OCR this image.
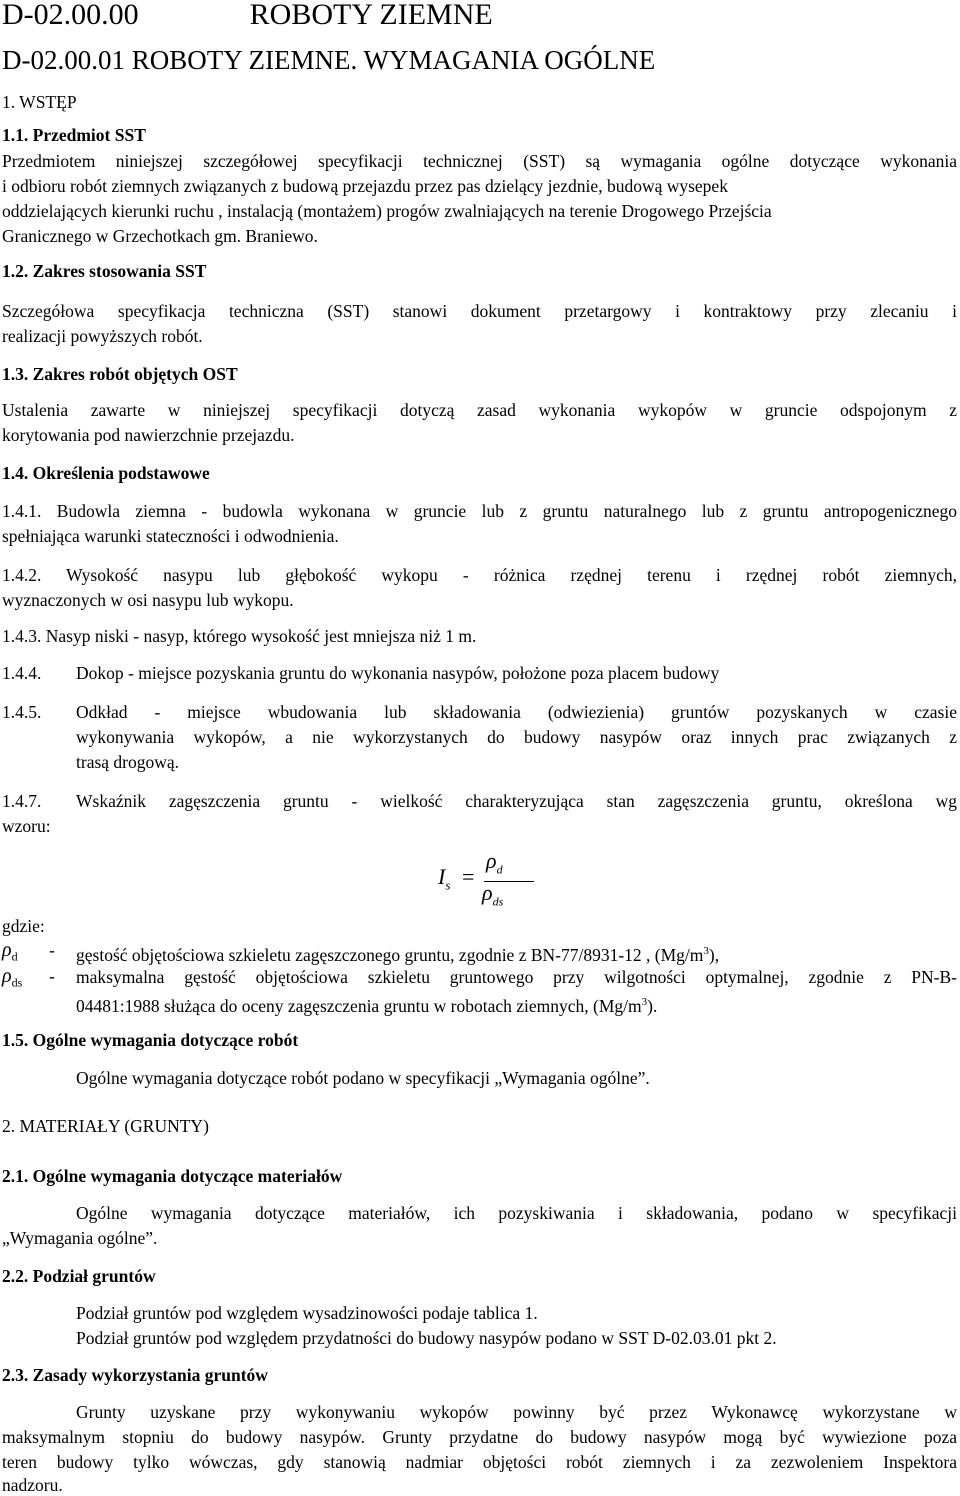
D-02.00.00	ROBOTY ZIEMNE
D-02.00.01 ROBOTY ZIEMNE. WYMAGANIA OGÓLNE
1. WSTĘP
1.1. Przedmiot SST
Przedmiotem niniejszej szczegółowej specyfikacji technicznej (SST) są wymagania ogólne dotyczące wykonania
i odbioru robót ziemnych związanych z budową przejazdu przez pas dzielący jezdnie, budową wysepek
oddzielających kierunki ruchu , instalacją (montażem) progów zwalniających na terenie Drogowego Przejścia
Granicznego w Grzechotkach gm. Braniewo.
1.2. Zakres stosowania SST
Szczegółowa specyfikacja techniczna (SST) stanowi dokument przetargowy i kontraktowy przy zlecaniu i
realizacji powyższych robót.
1.3. Zakres robót objętych OST
Ustalenia zawarte w niniejszej specyfikacji dotyczą zasad wykonania wykopów w gruncie odspojonym z
korytowania pod nawierzchnie przejazdu.
1.4. Określenia podstawowe
1.4.1. Budowla ziemna - budowla wykonana w gruncie lub z gruntu naturalnego lub z gruntu antropogenicznego
spełniająca warunki stateczności i odwodnienia.
1.4.2. Wysokość nasypu lub głębokość wykopu - różnica rzędnej terenu i rzędnej robót ziemnych,
wyznaczonych w osi nasypu lub wykopu.
1.4.3. Nasyp niski - nasyp, którego wysokość jest mniejsza niż 1 m.
1.4.4. Dokop - miejsce pozyskania gruntu do wykonania nasypów, położone poza placem budowy
1.4.5. Odkład - miejsce wbudowania lub składowania (odwiezienia) gruntów pozyskanych w czasie
wykonywania wykopów, a nie wykorzystanych do budowy nasypów oraz innych prac związanych z
trasą drogową.
1.4.7. Wskaźnik zagęszczenia gruntu - wielkość charakteryzująca stan zagęszczenia gruntu, określona wg
wzoru:
$I_s$ =
$\rho_d$
$\rho_{ds}$
gdzie:
$\rho_d$ - gęstość objętościowa szkieletu zagęszczonego gruntu, zgodnie z BN-77/8931-12 , $(Mg/m^3)$,
$\rho_{ds}$ - maksymalna gęstość objętościowa szkieletu gruntowego przy wilgotności optymalnej, zgodnie z PN-B-
04481:1988 służąca do oceny zagęszczenia gruntu w robotach ziemnych, $(Mg/m^3)$.
1.5. Ogólne wymagania dotyczące robót
Ogólne wymagania dotyczące robót podano w specyfikacji „Wymagania ogólne”.
2. MATERIAŁY (GRUNTY)
2.1. Ogólne wymagania dotyczące materiałów
Ogólne wymagania dotyczące materiałów, ich pozyskiwania i składowania, podano w specyfikacji
„Wymagania ogólne”.
2.2. Podział gruntów
Podział gruntów pod względem wysadzinowości podaje tablica 1.
Podział gruntów pod względem przydatności do budowy nasypów podano w SST D-02.03.01 pkt 2.
2.3. Zasady wykorzystania gruntów
Grunty uzyskane przy wykonywaniu wykopów powinny być przez Wykonawcę wykorzystane w
maksymalnym stopniu do budowy nasypów. Grunty przydatne do budowy nasypów mogą być wywiezione poza
teren budowy tylko wówczas, gdy stanowią nadmiar objętości robót ziemnych i za zezwoleniem Inspektora
nadzoru.
